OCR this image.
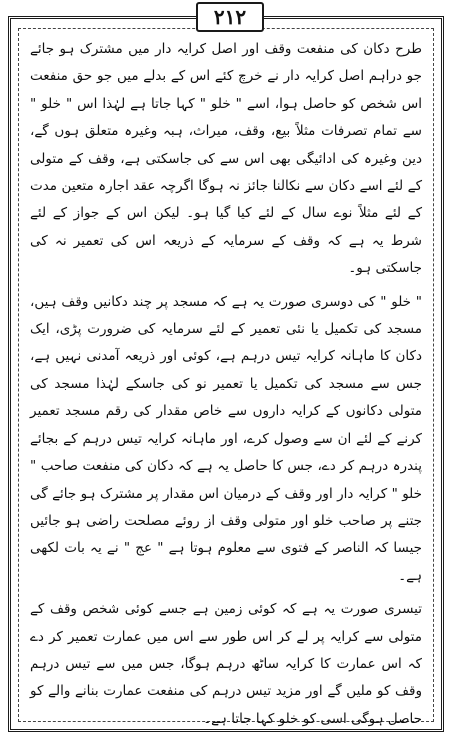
۲۱۲

طرح دکان کی منفعت وقف اور اصل کرایہ دار میں مشترک ہو جائے جو دراہم اصل کرایہ دار نے خرچ کئے اس کے بدلے میں جو حق منفعت اس شخص کو حاصل ہوا، اسے " خلو " کہا جاتا ہے لہٰذا اس " خلو " سے تمام تصرفات مثلاً بیع، وقف، میراث، ہبہ وغیرہ متعلق ہوں گے، دین وغیرہ کی ادائیگی بھی اس سے کی جاسکتی ہے، وقف کے متولی کے لئے اسے دکان سے نکالنا جائز نہ ہوگا اگرچہ عقد اجارہ متعین مدت کے لئے مثلاً نوے سال کے لئے کیا گیا ہو۔ لیکن اس کے جواز کے لئے شرط یہ ہے کہ وقف کے سرمایہ کے ذریعہ اس کی تعمیر نہ کی جاسکتی ہو۔

" خلو " کی دوسری صورت یہ ہے کہ مسجد پر چند دکانیں وقف ہیں، مسجد کی تکمیل یا نئی تعمیر کے لئے سرمایہ کی ضرورت پڑی، ایک دکان کا ماہانہ کرایہ تیس درہم ہے، کوئی اور ذریعہ آمدنی نہیں ہے، جس سے مسجد کی تکمیل یا تعمیر نو کی جاسکے لہٰذا مسجد کی متولی دکانوں کے کرایہ داروں سے خاص مقدار کی رقم مسجد تعمیر کرنے کے لئے ان سے وصول کرے، اور ماہانہ کرایہ تیس درہم کے بجائے پندرہ درہم کر دے، جس کا حاصل یہ ہے کہ دکان کی منفعت صاحب " خلو " کرایہ دار اور وقف کے درمیان اس مقدار پر مشترک ہو جائے گی جتنے پر صاحب خلو اور متولی وقف از روئے مصلحت راضی ہو جائیں جیسا کہ الناصر کے فتوی سے معلوم ہوتا ہے " عج " نے یہ بات لکھی ہے۔

تیسری صورت یہ ہے کہ کوئی زمین ہے جسے کوئی شخص وقف کے متولی سے کرایہ پر لے کر اس طور سے اس میں عمارت تعمیر کر دے کہ اس عمارت کا کرایہ ساٹھ درہم ہوگا، جس میں سے تیس درہم وقف کو ملیں گے اور مزید تیس درہم کی منفعت عمارت بنانے والے کو حاصل ہوگی اسی کو خلو کہا جاتا ہے۔
